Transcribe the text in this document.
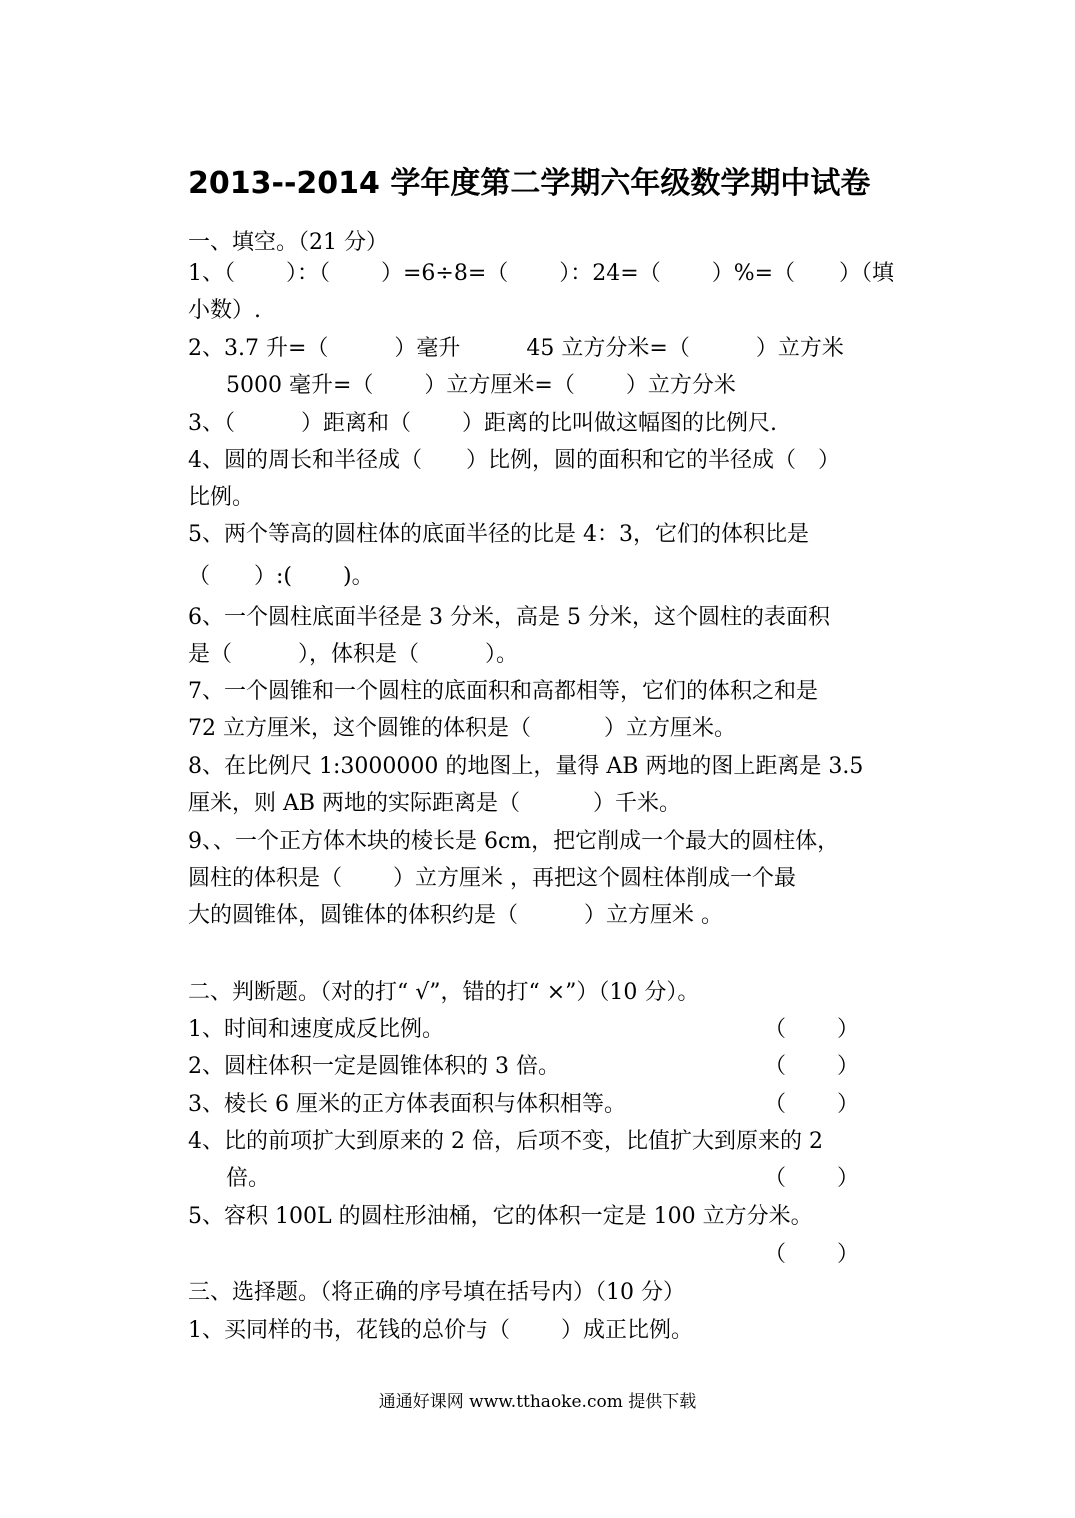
2013--2014 学年度第二学期六年级数学期中试卷
一、填空。（21 分）
1、（　　 ）：（　　 ）=6÷8=（　　 ）：24=（　　 ）%=（　　）（填
小数）.
2、3.7 升=（　　　）毫升　　　45 立方分米=（　　　）立方米
5000 毫升=（　　 ）立方厘米=（　　 ）立方分米
3、（　　　）距离和（　　 ）距离的比叫做这幅图的比例尺.
4、圆的周长和半径成（　　）比例，圆的面积和它的半径成（　）
比例。
5、两个等高的圆柱体的底面半径的比是 4：3，它们的体积比是
（　　）:(　　 )。
6、一个圆柱底面半径是 3 分米，高是 5 分米，这个圆柱的表面积
是（　　　），体积是（　　　）。
7、一个圆锥和一个圆柱的底面积和高都相等，它们的体积之和是
72 立方厘米，这个圆锥的体积是（　　　 ）立方厘米。
8、在比例尺 1:3000000 的地图上，量得 AB 两地的图上距离是 3.5
厘米，则 AB 两地的实际距离是（　　　 ）千米。
9、、一个正方体木块的棱长是 6cm，把它削成一个最大的圆柱体，
圆柱的体积是（　　 ）立方厘米 ，再把这个圆柱体削成一个最
大的圆锥体，圆锥体的体积约是（　　　）立方厘米 。
二、判断题。（对的打“ √”，错的打“ ×”）（10 分）。
1、时间和速度成反比例。	（　　 ）
2、圆柱体积一定是圆锥体积的 3 倍。	（　　 ）
3、棱长 6 厘米的正方体表面积与体积相等。	（　　 ）
4、比的前项扩大到原来的 2 倍，后项不变，比值扩大到原来的 2
倍。	（　　 ）
5、容积 100L 的圆柱形油桶，它的体积一定是 100 立方分米。
（　　 ）
三、选择题。（将正确的序号填在括号内）（10 分）
1、买同样的书，花钱的总价与（　　 ）成正比例。
通通好课网 www.tthaoke.com 提供下载
